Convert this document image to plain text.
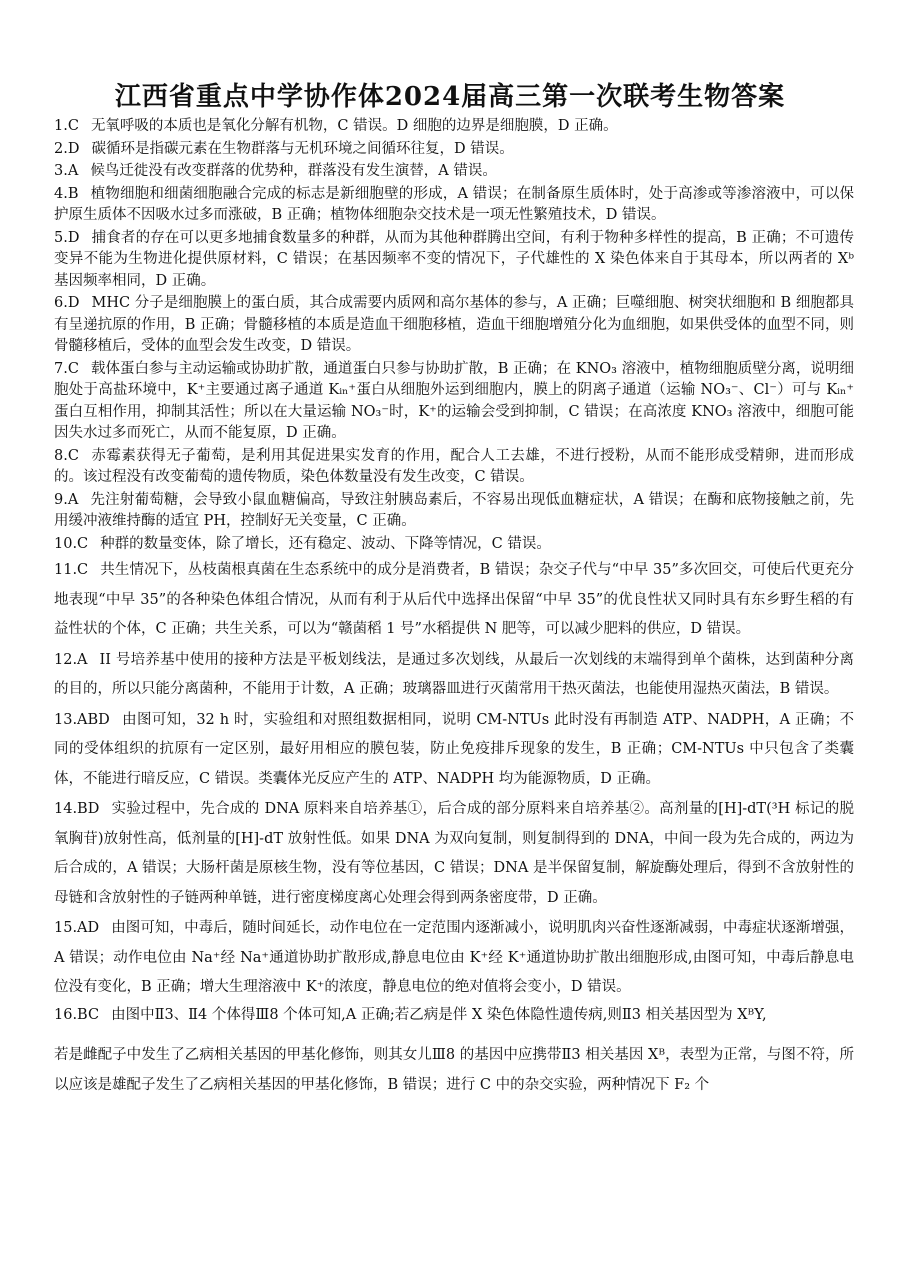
江西省重点中学协作体2024届高三第一次联考生物答案

1.C 无氧呼吸的本质也是氧化分解有机物，C 错误。D 细胞的边界是细胞膜，D 正确。

2.D 碳循环是指碳元素在生物群落与无机环境之间循环往复，D 错误。

3.A 候鸟迁徙没有改变群落的优势种，群落没有发生演替，A 错误。

4.B 植物细胞和细菌细胞融合完成的标志是新细胞壁的形成，A 错误；在制备原生质体时，处于高渗或等渗溶液中，可以保护原生质体不因吸水过多而涨破，B 正确；植物体细胞杂交技术是一项无性繁殖技术，D 错误。

5.D 捕食者的存在可以更多地捕食数量多的种群，从而为其他种群腾出空间，有利于物种多样性的提高，B 正确；不可遗传变异不能为生物进化提供原材料，C 错误；在基因频率不变的情况下，子代雄性的 X 染色体来自于其母本，所以两者的 Xᵇ 基因频率相同，D 正确。

6.D MHC 分子是细胞膜上的蛋白质，其合成需要内质网和高尔基体的参与，A 正确；巨噬细胞、树突状细胞和 B 细胞都具有呈递抗原的作用，B 正确；骨髓移植的本质是造血干细胞移植，造血干细胞增殖分化为血细胞，如果供受体的血型不同，则骨髓移植后，受体的血型会发生改变，D 错误。

7.C 载体蛋白参与主动运输或协助扩散，通道蛋白只参与协助扩散，B 正确；在 KNO₃ 溶液中，植物细胞质壁分离，说明细胞处于高盐环境中，K⁺主要通过离子通道 Kᵢₙ⁺蛋白从细胞外运到细胞内，膜上的阴离子通道（运输 NO₃⁻、Cl⁻）可与 Kᵢₙ⁺蛋白互相作用，抑制其活性；所以在大量运输 NO₃⁻时，K⁺的运输会受到抑制，C 错误；在高浓度 KNO₃ 溶液中，细胞可能因失水过多而死亡，从而不能复原，D 正确。

8.C 赤霉素获得无子葡萄，是利用其促进果实发育的作用，配合人工去雄，不进行授粉，从而不能形成受精卵，进而形成的。该过程没有改变葡萄的遗传物质，染色体数量没有发生改变，C 错误。

9.A 先注射葡萄糖，会导致小鼠血糖偏高，导致注射胰岛素后，不容易出现低血糖症状，A 错误；在酶和底物接触之前，先用缓冲液维持酶的适宜 PH，控制好无关变量，C 正确。

10.C 种群的数量变体，除了增长，还有稳定、波动、下降等情况，C 错误。

11.C 共生情况下，丛枝菌根真菌在生态系统中的成分是消费者，B 错误；杂交子代与“中早 35”多次回交，可使后代更充分地表现“中早 35”的各种染色体组合情况，从而有利于从后代中选择出保留“中早 35”的优良性状又同时具有东乡野生稻的有益性状的个体，C 正确；共生关系，可以为“赣菌稻 1 号”水稻提供 N 肥等，可以减少肥料的供应，D 错误。

12.A II 号培养基中使用的接种方法是平板划线法，是通过多次划线，从最后一次划线的末端得到单个菌株，达到菌种分离的目的，所以只能分离菌种，不能用于计数，A 正确；玻璃器皿进行灭菌常用干热灭菌法，也能使用湿热灭菌法，B 错误。

13.ABD 由图可知，32 h 时，实验组和对照组数据相同，说明 CM-NTUs 此时没有再制造 ATP、NADPH，A 正确；不同的受体组织的抗原有一定区别，最好用相应的膜包装，防止免疫排斥现象的发生，B 正确；CM-NTUs 中只包含了类囊体，不能进行暗反应，C 错误。类囊体光反应产生的 ATP、NADPH 均为能源物质，D 正确。

14.BD 实验过程中，先合成的 DNA 原料来自培养基①，后合成的部分原料来自培养基②。高剂量的[H]-dT(³H 标记的脱氧胸苷)放射性高，低剂量的[H]-dT 放射性低。如果 DNA 为双向复制，则复制得到的 DNA，中间一段为先合成的，两边为后合成的，A 错误；大肠杆菌是原核生物，没有等位基因，C 错误；DNA 是半保留复制，解旋酶处理后，得到不含放射性的母链和含放射性的子链两种单链，进行密度梯度离心处理会得到两条密度带，D 正确。

15.AD 由图可知，中毒后，随时间延长，动作电位在一定范围内逐渐减小，说明肌肉兴奋性逐渐减弱，中毒症状逐渐增强，A 错误；动作电位由 Na⁺经 Na⁺通道协助扩散形成,静息电位由 K⁺经 K⁺通道协助扩散出细胞形成,由图可知，中毒后静息电位没有变化，B 正确；增大生理溶液中 K⁺的浓度，静息电位的绝对值将会变小，D 错误。

16.BC 由图中Ⅱ3、Ⅱ4 个体得Ⅲ8 个体可知,A 正确;若乙病是伴 X 染色体隐性遗传病,则Ⅱ3 相关基因型为 XᴮY,

若是雌配子中发生了乙病相关基因的甲基化修饰，则其女儿Ⅲ8 的基因中应携带Ⅱ3 相关基因 Xᴮ，表型为正常，与图不符，所以应该是雄配子发生了乙病相关基因的甲基化修饰，B 错误；进行 C 中的杂交实验，两种情况下 F₂ 个
